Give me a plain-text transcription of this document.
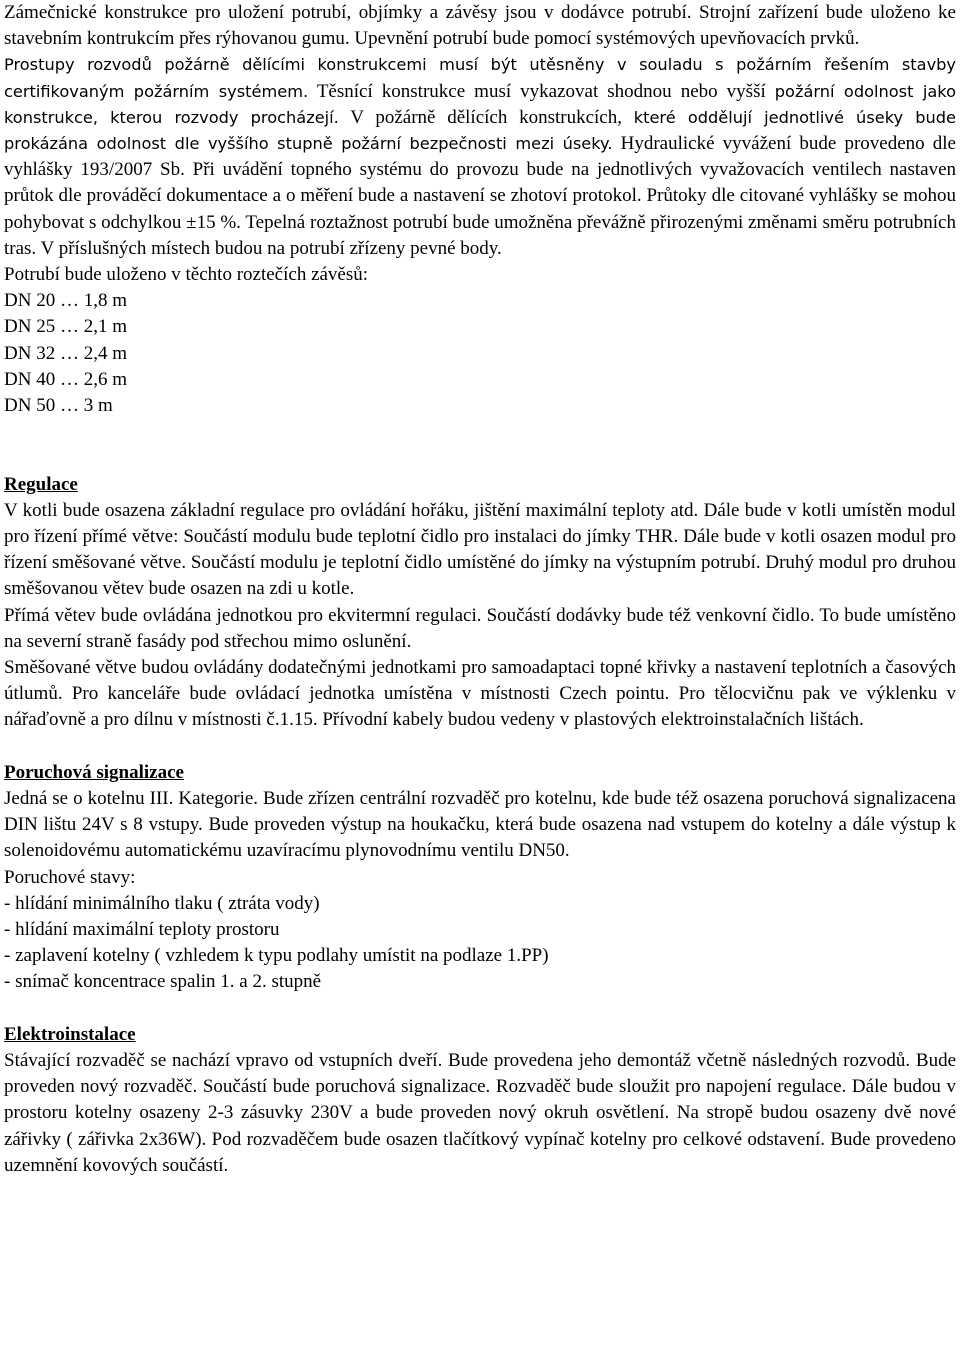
Zámečnické konstrukce pro uložení potrubí, objímky a závěsy jsou v dodávce potrubí. Strojní zařízení bude uloženo ke stavebním kontrukcím přes rýhovanou gumu. Upevnění potrubí bude pomocí systémových upevňovacích prvků.

Prostupy rozvodů požárně dělícími konstrukcemi musí být utěsněny v souladu s požárním řešením stavby certifikovaným požárním systémem. Těsnící konstrukce musí vykazovat shodnou nebo vyšší požární odolnost jako konstrukce, kterou rozvody procházejí. V požárně dělících konstrukcích, které oddělují jednotlivé úseky bude prokázána odolnost dle vyššího stupně požární bezpečnosti mezi úseky. Hydraulické vyvážení bude provedeno dle vyhlášky 193/2007 Sb. Při uvádění topného systému do provozu bude na jednotlivých vyvažovacích ventilech nastaven průtok dle prováděcí dokumentace a o měření bude a nastavení se zhotoví protokol. Průtoky dle citované vyhlášky se mohou pohybovat s odchylkou ±15 %. Tepelná roztažnost potrubí bude umožněna převážně přirozenými změnami směru potrubních tras. V příslušných místech budou na potrubí zřízeny pevné body.

Potrubí bude uloženo v těchto roztečích závěsů:

DN 20 … 1,8 m

DN 25 … 2,1 m

DN 32 … 2,4 m

DN 40 … 2,6 m

DN 50 … 3 m

Regulace

V kotli bude osazena základní regulace pro ovládání hořáku, jištění maximální teploty atd. Dále bude v kotli umístěn modul pro řízení přímé větve: Součástí modulu bude teplotní čidlo pro instalaci do jímky THR. Dále bude v kotli osazen modul pro řízení směšované větve. Součástí modulu je teplotní čidlo umístěné do jímky na výstupním potrubí. Druhý modul pro druhou směšovanou větev bude osazen na zdi u kotle.

Přímá větev bude ovládána jednotkou pro ekvitermní regulaci. Součástí dodávky bude též venkovní čidlo. To bude umístěno na severní straně fasády pod střechou mimo oslunění.

Směšované větve budou ovládány dodatečnými jednotkami pro samoadaptaci topné křivky a nastavení teplotních a časových útlumů. Pro kanceláře bude ovládací jednotka umístěna v místnosti Czech pointu. Pro tělocvičnu pak ve výklenku v nářaďovně a pro dílnu v místnosti č.1.15. Přívodní kabely budou vedeny v plastových elektroinstalačních lištách.

Poruchová signalizace

Jedná se o kotelnu III. Kategorie. Bude zřízen centrální rozvaděč pro kotelnu, kde bude též osazena poruchová signalizacena DIN lištu 24V s 8 vstupy. Bude proveden výstup na houkačku, která bude osazena nad vstupem do kotelny a dále výstup k solenoidovému automatickému uzavíracímu plynovodnímu ventilu DN50.

Poruchové stavy:

- hlídání minimálního tlaku ( ztráta vody)

- hlídání maximální teploty prostoru

- zaplavení kotelny ( vzhledem k typu podlahy umístit na podlaze 1.PP)

- snímač koncentrace spalin 1. a 2. stupně

Elektroinstalace

Stávající rozvaděč se nachází vpravo od vstupních dveří. Bude provedena jeho demontáž včetně následných rozvodů. Bude proveden nový rozvaděč. Součástí bude poruchová signalizace. Rozvaděč bude sloužit pro napojení regulace. Dále budou v prostoru kotelny osazeny 2-3 zásuvky 230V a bude proveden nový okruh osvětlení. Na stropě budou osazeny dvě nové zářivky ( zářivka 2x36W). Pod rozvaděčem bude osazen tlačítkový vypínač kotelny pro celkové odstavení. Bude provedeno uzemnění kovových součástí.
